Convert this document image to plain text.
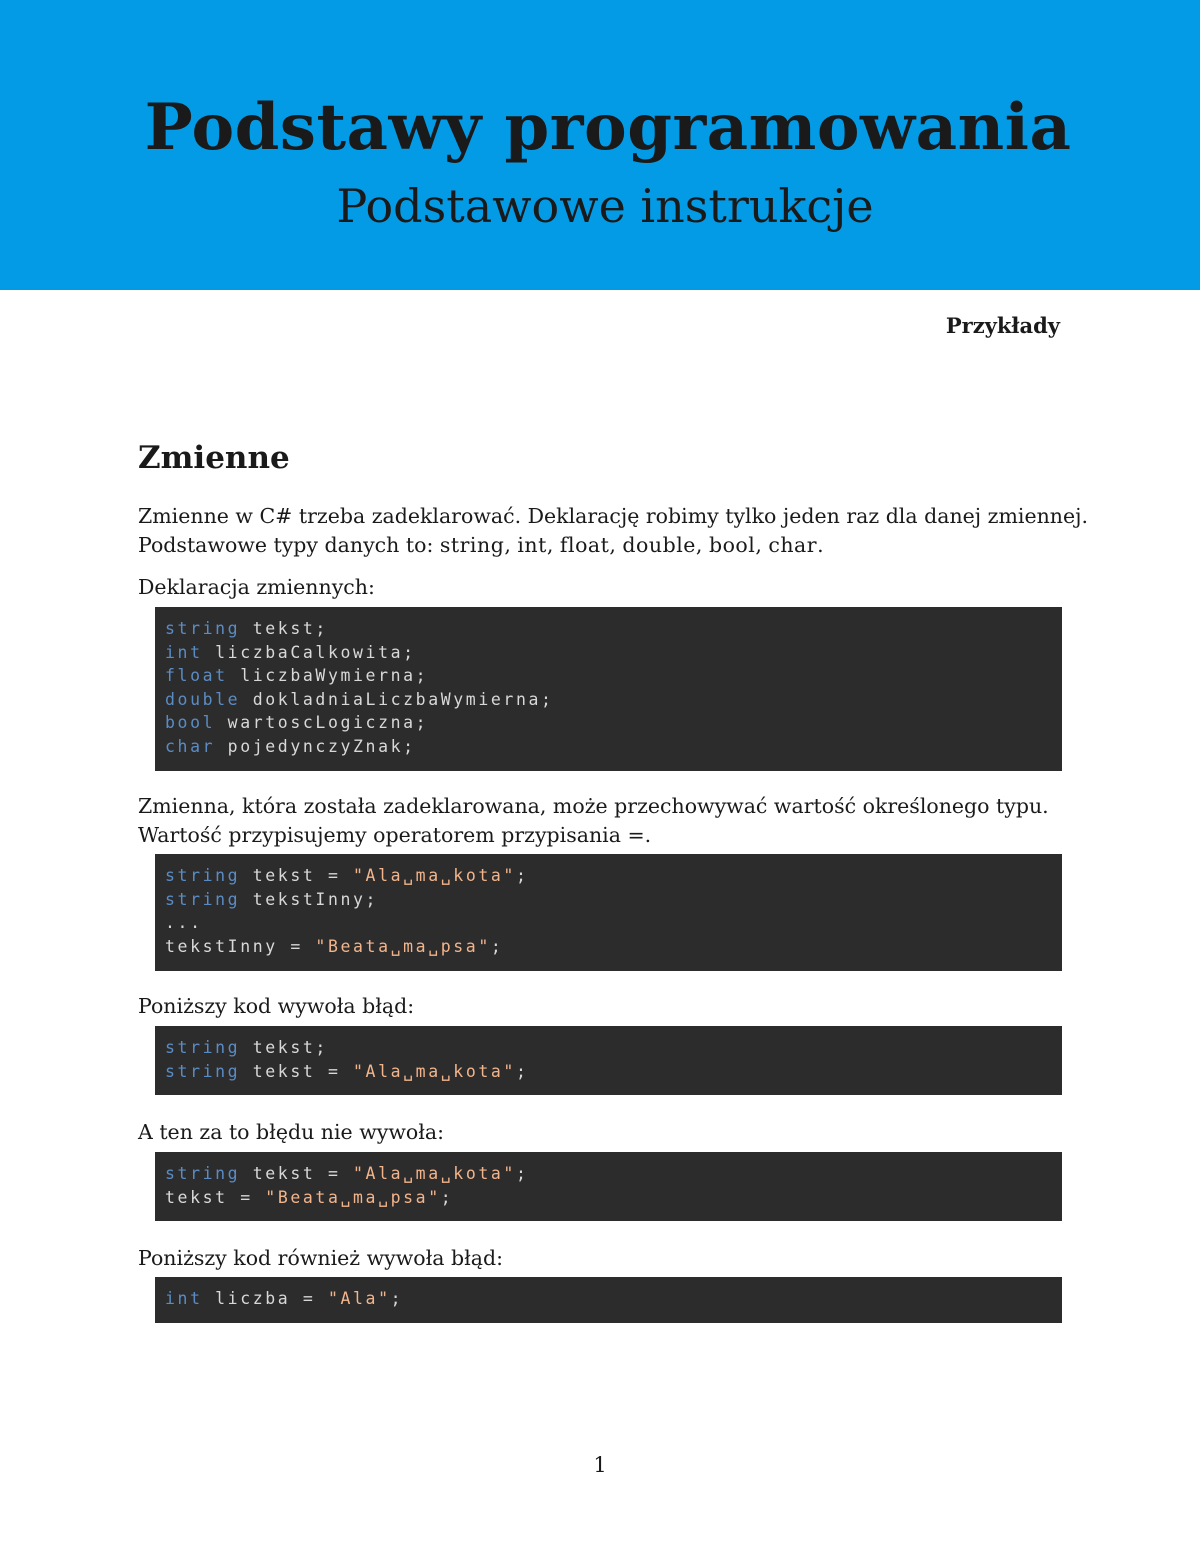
Podstawy programowania
Podstawowe instrukcje
Przykłady
Zmienne
Zmienne w C# trzeba zadeklarować. Deklarację robimy tylko jeden raz dla danej zmiennej.
Podstawowe typy danych to: string, int, float, double, bool, char.
Deklaracja zmiennych:
string tekst;
int liczbaCalkowita;
float liczbaWymierna;
double dokladniaLiczbaWymierna;
bool wartoscLogiczna;
char pojedynczyZnak;
Zmienna, która została zadeklarowana, może przechowywać wartość określonego typu.
Wartość przypisujemy operatorem przypisania =.
string tekst = "Ala␣ma␣kota";
string tekstInny;
...
tekstInny = "Beata␣ma␣psa";
Poniższy kod wywoła błąd:
string tekst;
string tekst = "Ala␣ma␣kota";
A ten za to błędu nie wywoła:
string tekst = "Ala␣ma␣kota";
tekst = "Beata␣ma␣psa";
Poniższy kod również wywoła błąd:
int liczba = "Ala";
1
